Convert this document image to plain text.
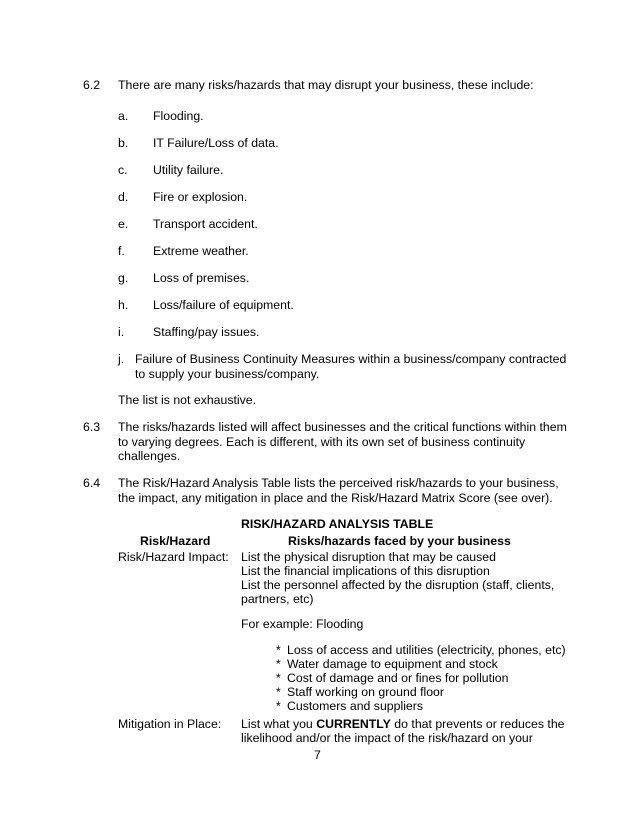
6.2 There are many risks/hazards that may disrupt your business, these include:
a. Flooding.
b. IT Failure/Loss of data.
c. Utility failure.
d. Fire or explosion.
e. Transport accident.
f. Extreme weather.
g. Loss of premises.
h. Loss/failure of equipment.
i. Staffing/pay issues.
j. Failure of Business Continuity Measures within a business/company contracted
to supply your business/company.
The list is not exhaustive.
6.3 The risks/hazards listed will affect businesses and the critical functions within them
to varying degrees. Each is different, with its own set of business continuity
challenges.
6.4 The Risk/Hazard Analysis Table lists the perceived risk/hazards to your business,
the impact, any mitigation in place and the Risk/Hazard Matrix Score (see over).
RISK/HAZARD ANALYSIS TABLE
Risk/Hazard	Risks/hazards faced by your business
Risk/Hazard Impact: List the physical disruption that may be caused
List the financial implications of this disruption
List the personnel affected by the disruption (staff, clients,
partners, etc)
For example: Flooding
* Loss of access and utilities (electricity, phones, etc)
* Water damage to equipment and stock
* Cost of damage and or fines for pollution
* Staff working on ground floor
* Customers and suppliers
Mitigation in Place: List what you CURRENTLY do that prevents or reduces the
likelihood and/or the impact of the risk/hazard on your
7
